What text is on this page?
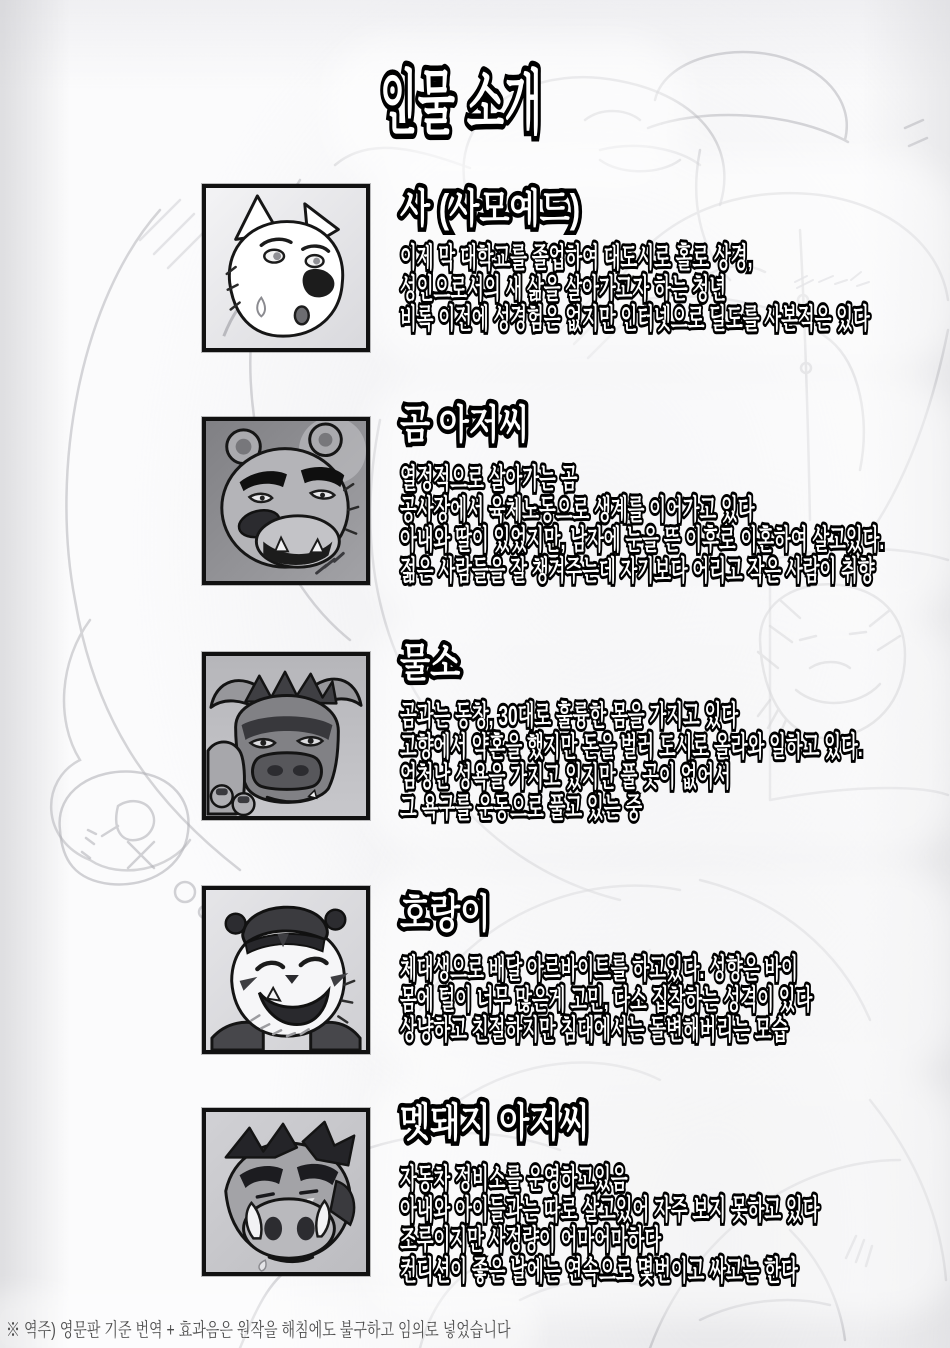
인물 소개 인물 소개
사 (사모예드) 사 (사모예드)
이제 막 대학교를 졸업하여 대도시로 홀로 상경, 이제 막 대학교를 졸업하여 대도시로 홀로 상경,
성인으로서의 새 삶을 살아가고자 하는 청년 성인으로서의 새 삶을 살아가고자 하는 청년
비록 이전에 성경험은 없지만 인터넷으로 딜도를 사본적은 있다 비록 이전에 성경험은 없지만 인터넷으로 딜도를 사본적은 있다
곰 아저씨 곰 아저씨
열정적으로 살아가는 곰 열정적으로 살아가는 곰
공사장에서 육체노동으로 생계를 이어가고 있다 공사장에서 육체노동으로 생계를 이어가고 있다
아내와 딸이 있었지만, 남자에 눈을 뜬 이후로 이혼하여 살고있다. 아내와 딸이 있었지만, 남자에 눈을 뜬 이후로 이혼하여 살고있다.
젊은 사람들을 잘 챙겨주는데 자기보다 어리고 작은 사람이 취향 젊은 사람들을 잘 챙겨주는데 자기보다 어리고 작은 사람이 취향
물소 물소
곰과는 동창, 30대로 훌륭한 몸을 가지고 있다 곰과는 동창, 30대로 훌륭한 몸을 가지고 있다
고향에서 약혼을 했지만 돈을 벌러 도시로 올라와 일하고 있다. 고향에서 약혼을 했지만 돈을 벌러 도시로 올라와 일하고 있다.
엄청난 성욕을 가지고 있지만 풀 곳이 없어서 엄청난 성욕을 가지고 있지만 풀 곳이 없어서
그 욕구를 운동으로 풀고 있는 중 그 욕구를 운동으로 풀고 있는 중
호랑이 호랑이
체대생으로 배달 아르바이트를 하고있다. 성향은 바이 체대생으로 배달 아르바이트를 하고있다. 성향은 바이
몸에 털이 너무 많은게 고민, 다소 집착하는 성격이 있다 몸에 털이 너무 많은게 고민, 다소 집착하는 성격이 있다
상냥하고 친절하지만 침대에서는 돌변해버리는 모습 상냥하고 친절하지만 침대에서는 돌변해버리는 모습
멧돼지 아저씨 멧돼지 아저씨
자동차 정비소를 운영하고있음 자동차 정비소를 운영하고있음
아내와 아이들과는 따로 살고있어 자주 보지 못하고 있다 아내와 아이들과는 따로 살고있어 자주 보지 못하고 있다
조루이지만 사정량이 어마어마하다 조루이지만 사정량이 어마어마하다
컨디션이 좋은 날에는 연속으로 몇번이고 싸고는 한다 컨디션이 좋은 날에는 연속으로 몇번이고 싸고는 한다
※ 역주) 영문판 기준 번역 + 효과음은 원작을 해침에도 불구하고 임의로 넣었습니다
